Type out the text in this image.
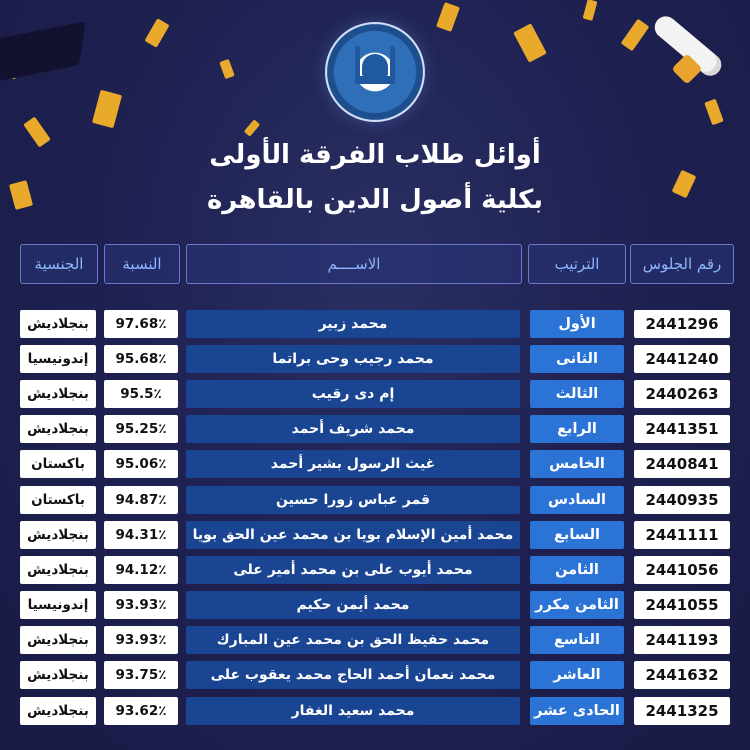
أوائل طلاب الفرقة الأولى
بكلية أصول الدين بالقاهرة
رقم الجلوس
الترتيب
الاســــم
النسبة
الجنسية
2441296
الأول
محمد زبير
97.68٪
بنجلاديش
2441240
الثانى
محمد رجيب وحى براتما
95.68٪
إندونيسيا
2440263
الثالث
إم دى رقيب
95.5٪
بنجلاديش
2441351
الرابع
محمد شريف أحمد
95.25٪
بنجلاديش
2440841
الخامس
غيث الرسول بشير أحمد
95.06٪
باكستان
2440935
السادس
قمر عباس زورا حسين
94.87٪
باكستان
2441111
السابع
محمد أمين الإسلام بويا بن محمد عين الحق بويا
94.31٪
بنجلاديش
2441056
الثامن
محمد أيوب على بن محمد أمير على
94.12٪
بنجلاديش
2441055
الثامن مكرر
محمد أيمن حكيم
93.93٪
إندونيسيا
2441193
التاسع
محمد حفيظ الحق بن محمد عين المبارك
93.93٪
بنجلاديش
2441632
العاشر
محمد نعمان أحمد الحاج محمد يعقوب على
93.75٪
بنجلاديش
2441325
الحادى عشر
محمد سعيد الغفار
93.62٪
بنجلاديش
